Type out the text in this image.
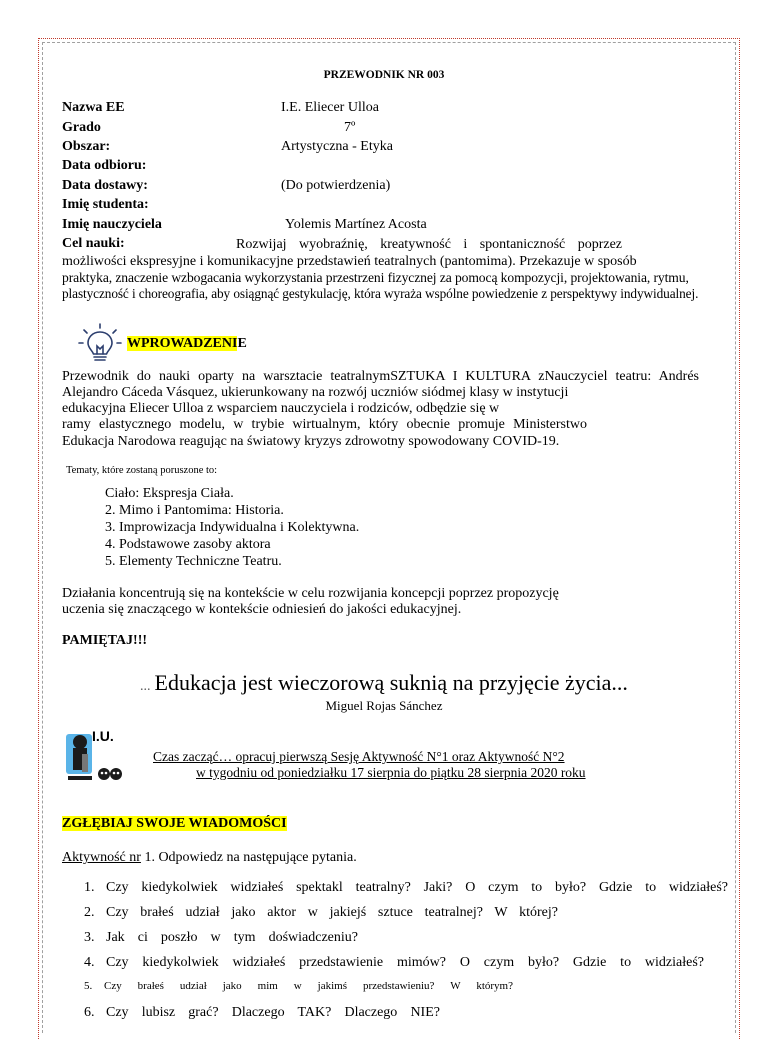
PRZEWODNIK NR 003
Nazwa EE	I.E. Eliecer Ulloa
Grado	7º
Obszar:	Artystyczna - Etyka
Data odbioru:
Data dostawy:	(Do potwierdzenia)
Imię studenta:
Imię nauczyciela	Yolemis Martínez Acosta
Cel nauki:	Rozwijaj wyobraźnię, kreatywność i spontaniczność poprzez
możliwości ekspresyjne i komunikacyjne przedstawień teatralnych (pantomima). Przekazuje w sposób
praktyka, znaczenie wzbogacania wykorzystania przestrzeni fizycznej za pomocą kompozycji, projektowania, rytmu,
plastyczność i choreografia, aby osiągnąć gestykulację, która wyraża wspólne powiedzenie z perspektywy indywidualnej.
WPROWADZENIE
Przewodnik do nauki oparty na warsztacie teatralnymSZTUKA I KULTURA zNauczyciel teatru: Andrés
Alejandro Cáceda Vásquez, ukierunkowany na rozwój uczniów siódmej klasy w instytucji
edukacyjna Eliecer Ulloa z wsparciem nauczyciela i rodziców, odbędzie się w
ramy elastycznego modelu, w trybie wirtualnym, który obecnie promuje Ministerstwo
Edukacja Narodowa reagując na światowy kryzys zdrowotny spowodowany COVID-19.
Tematy, które zostaną poruszone to:
Ciało: Ekspresja Ciała.
2. Mimo i Pantomima: Historia.
3. Improwizacja Indywidualna i Kolektywna.
4. Podstawowe zasoby aktora
5. Elementy Techniczne Teatru.
Działania koncentrują się na kontekście w celu rozwijania koncepcji poprzez propozycję
uczenia się znaczącego w kontekście odniesień do jakości edukacyjnej.
PAMIĘTAJ!!!
... Edukacja jest wieczorową suknią na przyjęcie życia...
Miguel Rojas Sánchez
I.U.
Czas zacząć… opracuj pierwszą Sesję Aktywność N°1 oraz Aktywność N°2
w tygodniu od poniedziałku 17 sierpnia do piątku 28 sierpnia 2020 roku
ZGŁĘBIAJ SWOJE WIADOMOŚCI
Aktywność nr 1. Odpowiedz na następujące pytania.
1. Czy kiedykolwiek widziałeś spektakl teatralny? Jaki? O czym to było? Gdzie to widziałeś?
2. Czy brałeś udział jako aktor w jakiejś sztuce teatralnej? W której?
3. Jak ci poszło w tym doświadczeniu?
4. Czy kiedykolwiek widziałeś przedstawienie mimów? O czym było? Gdzie to widziałeś?
5. Czy brałeś udział jako mim w jakimś przedstawieniu? W którym?
6. Czy lubisz grać? Dlaczego TAK? Dlaczego NIE?
